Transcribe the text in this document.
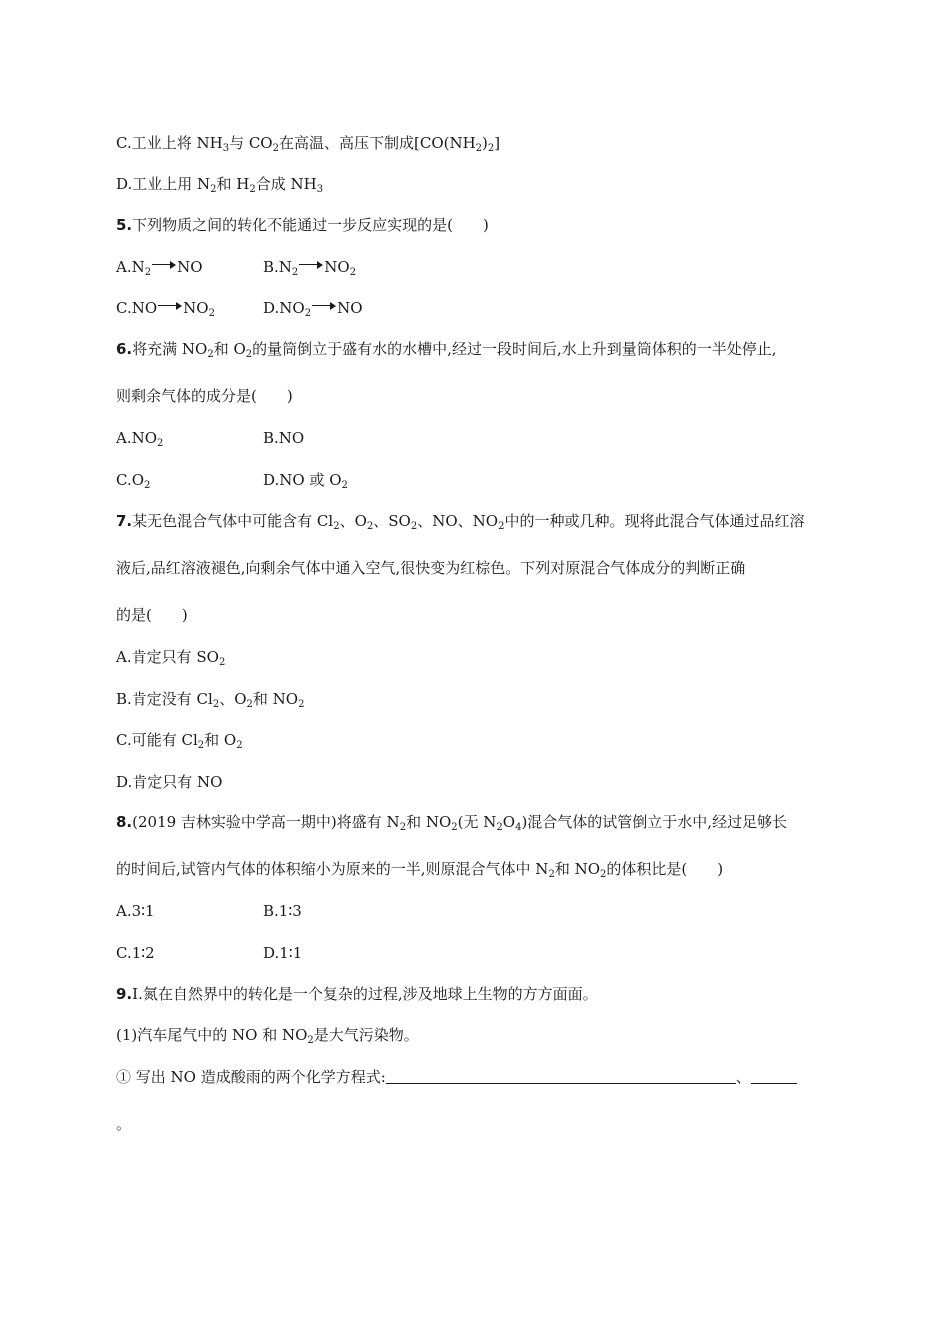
C.工业上将 $NH_3$与 $CO_2$在高温、高压下制成$[CO(NH_2)_2]$
D.工业上用 $N_2$和 $H_2$合成 $NH_3$
5.下列物质之间的转化不能通过一步反应实现的是(　　)
$A.N_2$ NO	$B.N_2$ $NO_2$
C.NO $NO_2$	$D.NO_2$ NO
6.将充满 $NO_2$和 $O_2$的量筒倒立于盛有水的水槽中,经过一段时间后,水上升到量筒体积的一半处停止,
则剩余气体的成分是(　　)
$A.NO_2$	B.NO
$C.O_2$	D.NO 或 $O_2$
7.某无色混合气体中可能含有 $Cl_2$、$O_2$、$SO_2$、NO、$NO_2$中的一种或几种。现将此混合气体通过品红溶
液后,品红溶液褪色,向剩余气体中通入空气,很快变为红棕色。下列对原混合气体成分的判断正确
的是(　　)
A.肯定只有 $SO_2$
B.肯定没有 $Cl_2$、$O_2$和 $NO_2$
C.可能有 $Cl_2$和 $O_2$
D.肯定只有 NO
8.(2019 吉林实验中学高一期中)将盛有 $N_2$和 $NO_2$(无 $N_2O_4$)混合气体的试管倒立于水中,经过足够长
的时间后,试管内气体的体积缩小为原来的一半,则原混合气体中 $N_2$和 $NO_2$的体积比是(　　)
A.3∶1	B.1∶3
C.1∶2	D.1∶1
9.Ⅰ.氮在自然界中的转化是一个复杂的过程,涉及地球上生物的方方面面。
(1)汽车尾气中的 NO 和 $NO_2$是大气污染物。
① 写出 NO 造成酸雨的两个化学方程式:	、
。
